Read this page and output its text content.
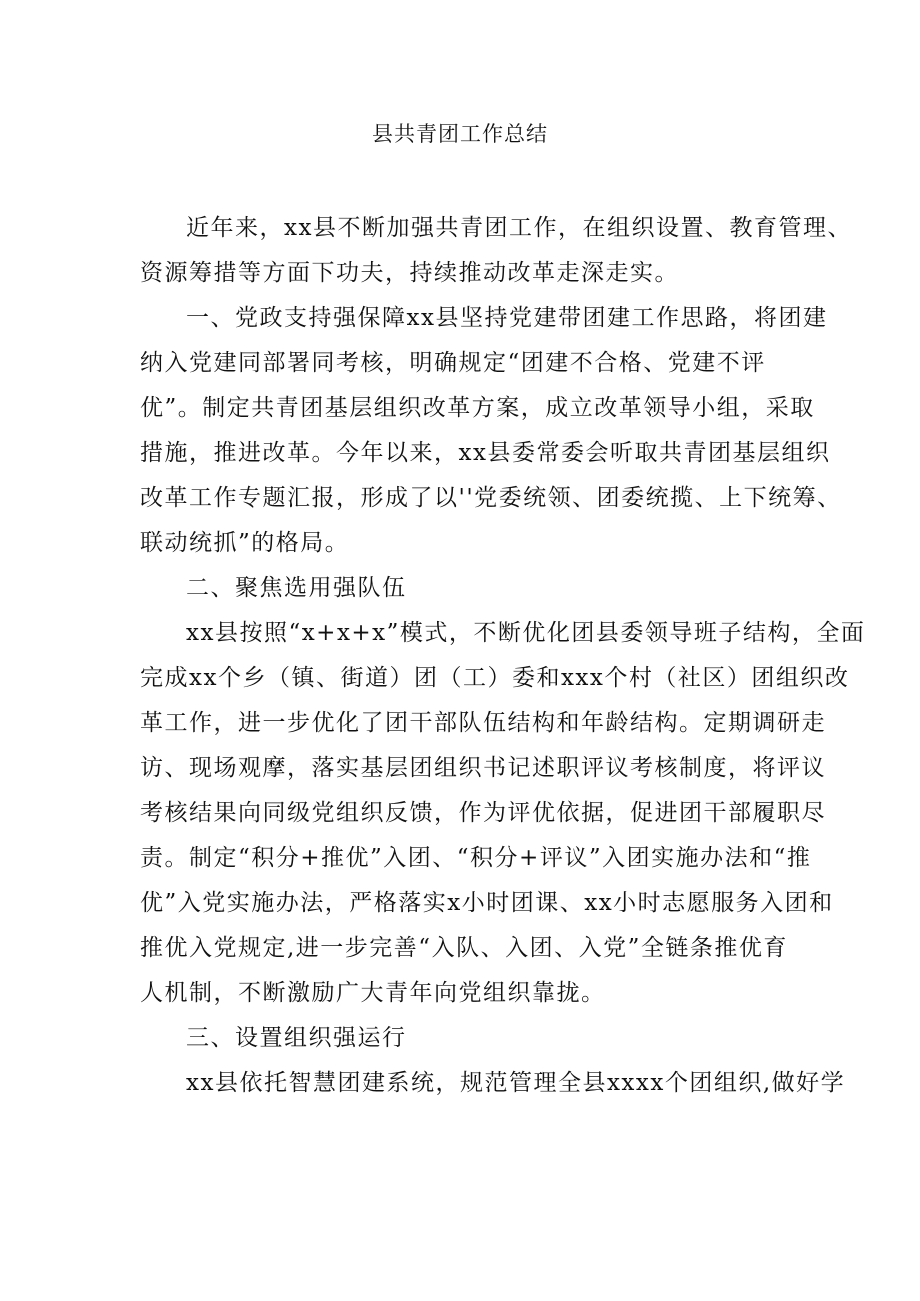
县共青团工作总结
近年来，xx县不断加强共青团工作，在组织设置、教育管理、
资源筹措等方面下功夫，持续推动改革走深走实。
一、党政支持强保障xx县坚持党建带团建工作思路，将团建
纳入党建同部署同考核，明确规定“团建不合格、党建不评
优”。制定共青团基层组织改革方案，成立改革领导小组，采取
措施，推进改革。今年以来，xx县委常委会听取共青团基层组织
改革工作专题汇报，形成了以''党委统领、团委统揽、上下统筹、
联动统抓”的格局。
二、聚焦选用强队伍
xx县按照“x+x+x”模式，不断优化团县委领导班子结构，全面
完成xx个乡（镇、街道）团（工）委和xxx个村（社区）团组织改
革工作，进一步优化了团干部队伍结构和年龄结构。定期调研走
访、现场观摩，落实基层团组织书记述职评议考核制度，将评议
考核结果向同级党组织反馈，作为评优依据，促进团干部履职尽
责。制定“积分+推优”入团、“积分+评议”入团实施办法和“推
优”入党实施办法，严格落实x小时团课、xx小时志愿服务入团和
推优入党规定,进一步完善“入队、入团、入党”全链条推优育
人机制，不断激励广大青年向党组织靠拢。
三、设置组织强运行
xx县依托智慧团建系统，规范管理全县xxxx个团组织,做好学
